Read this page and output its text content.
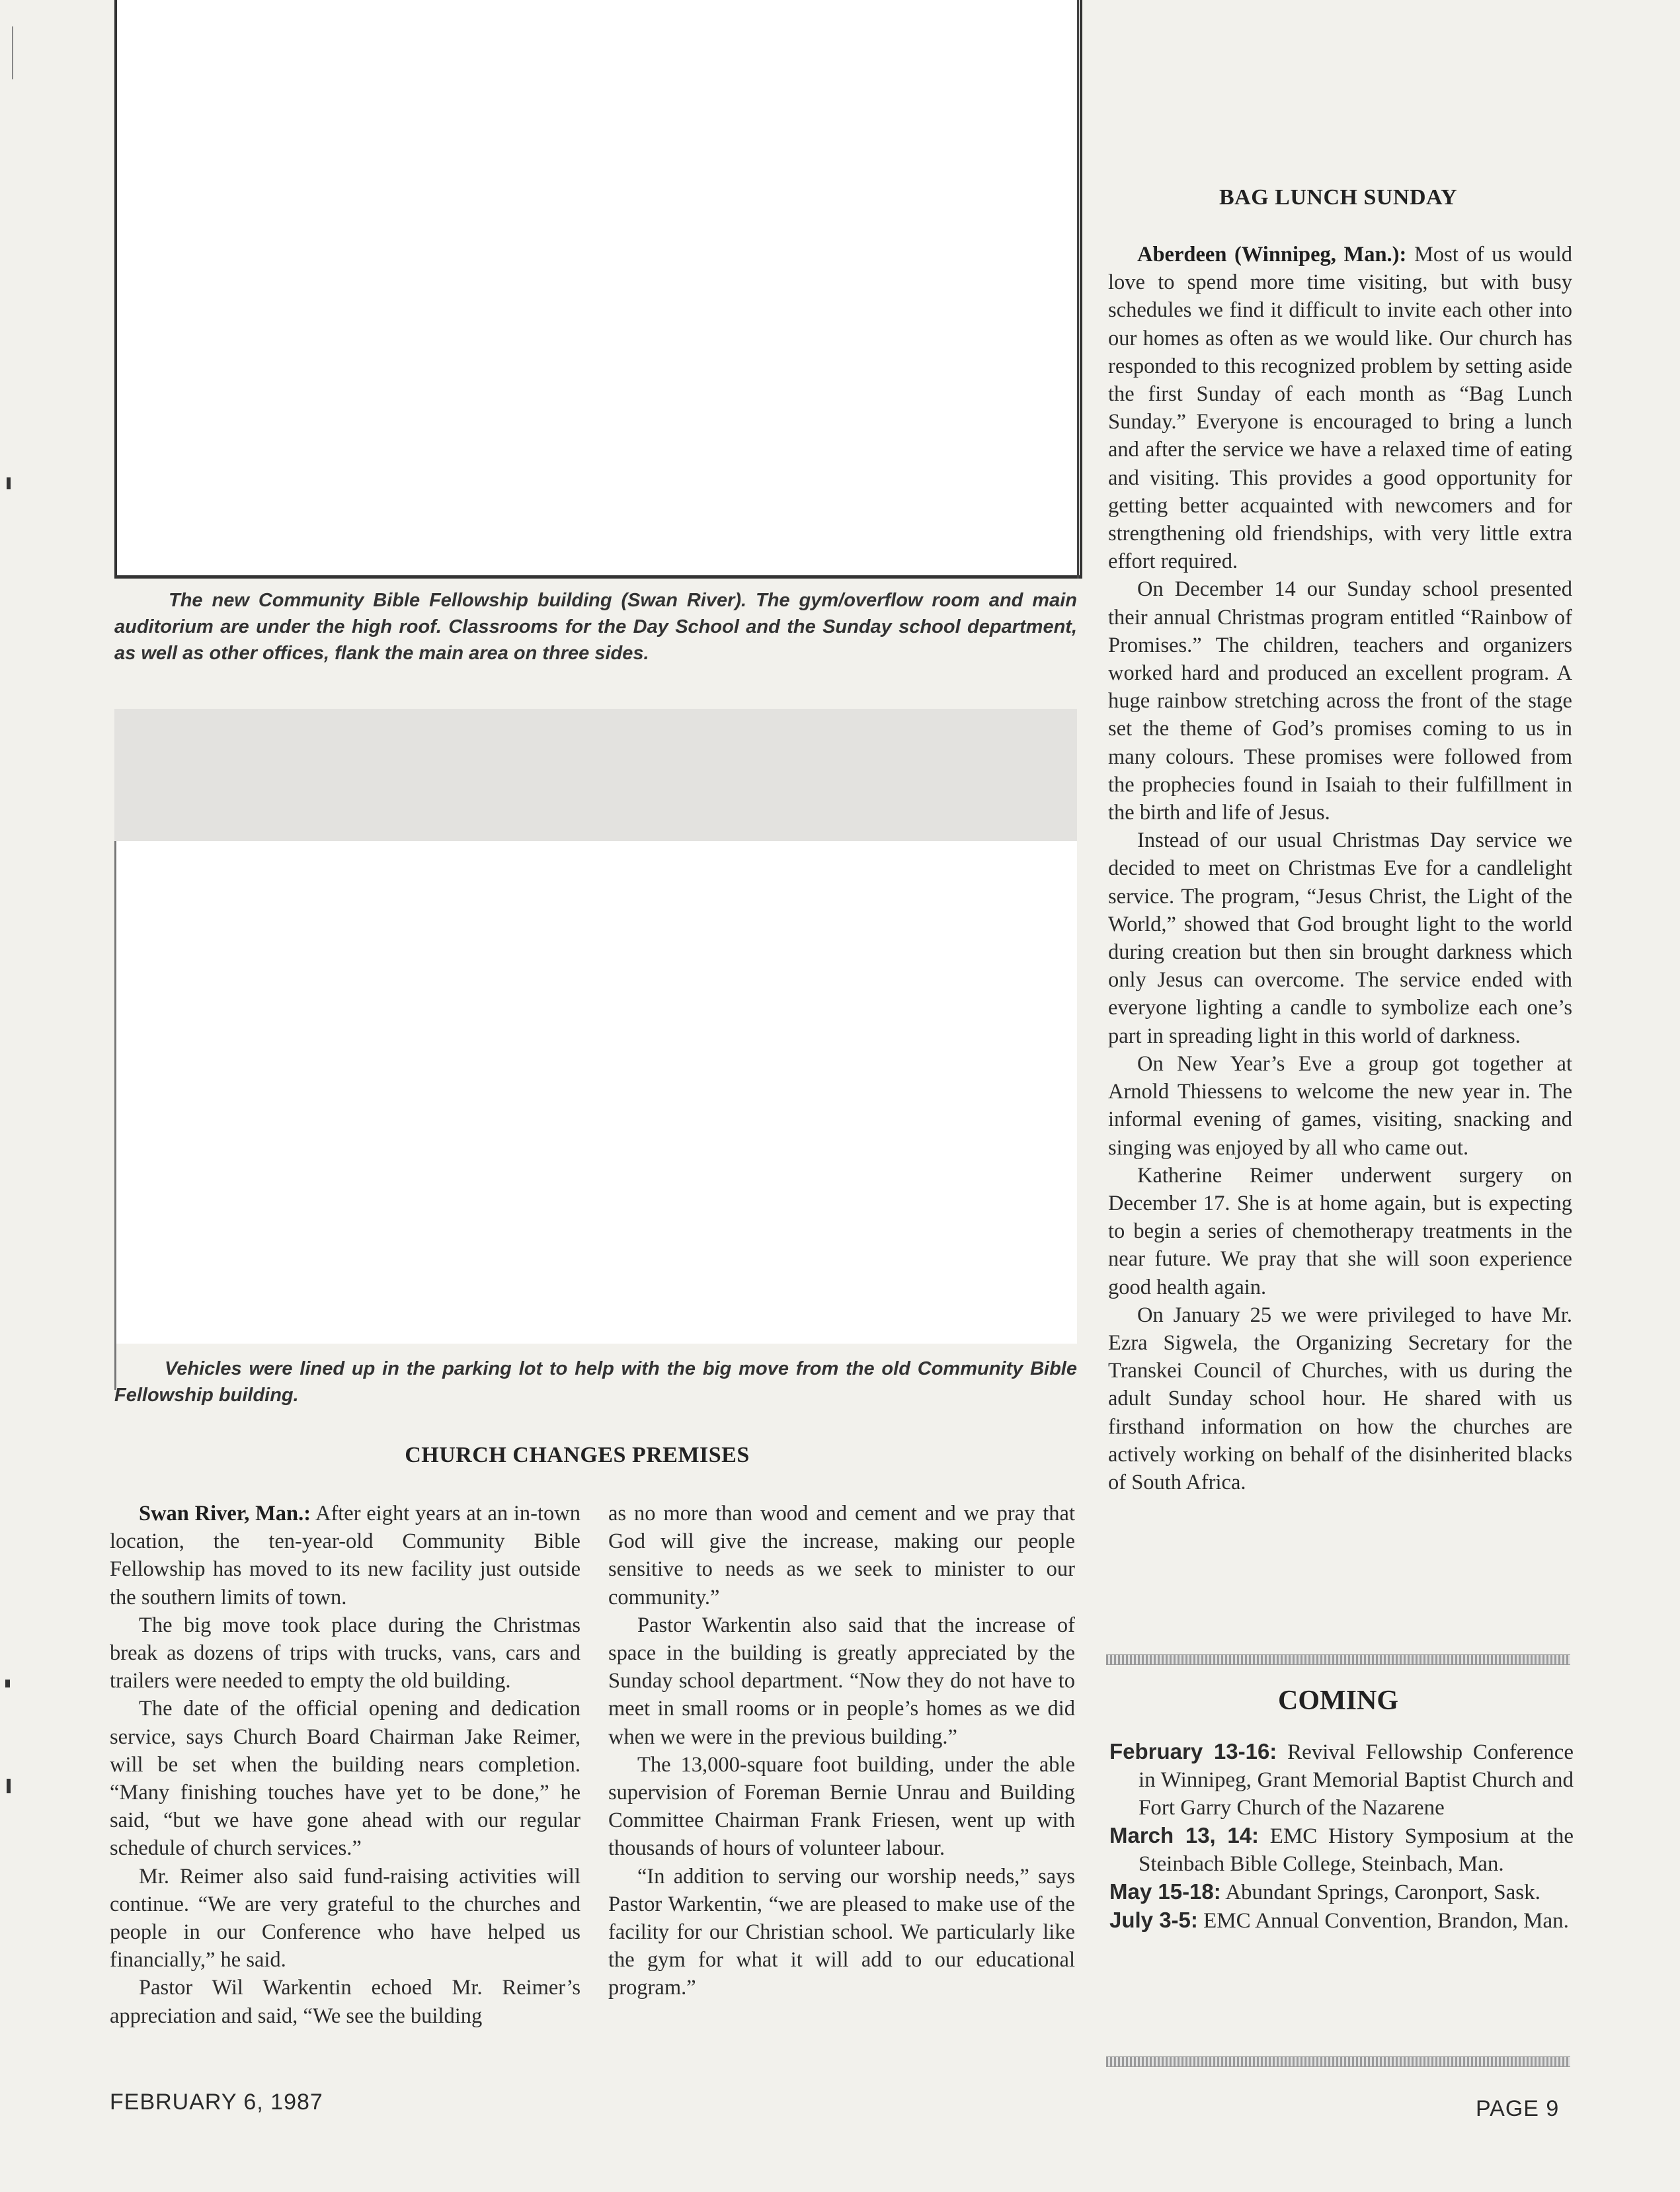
The new Community Bible Fellowship building (Swan River). The gym/overflow room and main auditorium are under the high roof. Classrooms for the Day School and the Sunday school department, as well as other offices, flank the main area on three sides.
Vehicles were lined up in the parking lot to help with the big move from the old Community Bible Fellowship building.
CHURCH CHANGES PREMISES

Swan River, Man.: After eight years at an in-town location, the ten-year-old Community Bible Fellowship has moved to its new facility just outside the southern limits of town.

The big move took place during the Christmas break as dozens of trips with trucks, vans, cars and trailers were needed to empty the old building.

The date of the official opening and dedication service, says Church Board Chairman Jake Reimer, will be set when the building nears completion. “Many finishing touches have yet to be done,” he said, “but we have gone ahead with our regular schedule of church services.”

Mr. Reimer also said fund-raising activities will continue. “We are very grateful to the churches and people in our Conference who have helped us financially,” he said.

Pastor Wil Warkentin echoed Mr. Reimer’s appreciation and said, “We see the building

as no more than wood and cement and we pray that God will give the increase, making our people sensitive to needs as we seek to minister to our community.”

Pastor Warkentin also said that the increase of space in the building is greatly appreciated by the Sunday school department. “Now they do not have to meet in small rooms or in people’s homes as we did when we were in the previous building.”

The 13,000-square foot building, under the able supervision of Foreman Bernie Unrau and Building Committee Chairman Frank Friesen, went up with thousands of hours of volunteer labour.

“In addition to serving our worship needs,” says Pastor Warkentin, “we are pleased to make use of the facility for our Christian school. We particularly like the gym for what it will add to our educational program.”

BAG LUNCH SUNDAY

Aberdeen (Winnipeg, Man.): Most of us would love to spend more time visiting, but with busy schedules we find it difficult to invite each other into our homes as often as we would like. Our church has responded to this recognized problem by setting aside the first Sunday of each month as “Bag Lunch Sunday.” Everyone is encouraged to bring a lunch and after the service we have a relaxed time of eating and visiting. This provides a good opportunity for getting better acquainted with newcomers and for strengthening old friendships, with very little extra effort required.

On December 14 our Sunday school presented their annual Christmas program entitled “Rainbow of Promises.” The children, teachers and organizers worked hard and produced an excellent program. A huge rainbow stretching across the front of the stage set the theme of God’s promises coming to us in many colours. These promises were followed from the prophecies found in Isaiah to their fulfillment in the birth and life of Jesus.

Instead of our usual Christmas Day service we decided to meet on Christmas Eve for a candlelight service. The program, “Jesus Christ, the Light of the World,” showed that God brought light to the world during creation but then sin brought darkness which only Jesus can overcome. The service ended with everyone lighting a candle to symbolize each one’s part in spreading light in this world of darkness.

On New Year’s Eve a group got together at Arnold Thiessens to welcome the new year in. The informal evening of games, visiting, snacking and singing was enjoyed by all who came out.

Katherine Reimer underwent surgery on December 17. She is at home again, but is expecting to begin a series of chemotherapy treatments in the near future. We pray that she will soon experience good health again.

On January 25 we were privileged to have Mr. Ezra Sigwela, the Organizing Secretary for the Transkei Council of Churches, with us during the adult Sunday school hour. He shared with us firsthand information on how the churches are actively working on behalf of the disinherited blacks of South Africa.

COMING
February 13-16: Revival Fellowship Conference in Winnipeg, Grant Memorial Baptist Church and Fort Garry Church of the Nazarene
March 13, 14: EMC History Symposium at the Steinbach Bible College, Steinbach, Man.
May 15-18: Abundant Springs, Caronport, Sask.
July 3-5: EMC Annual Convention, Brandon, Man.
FEBRUARY 6, 1987	PAGE 9
